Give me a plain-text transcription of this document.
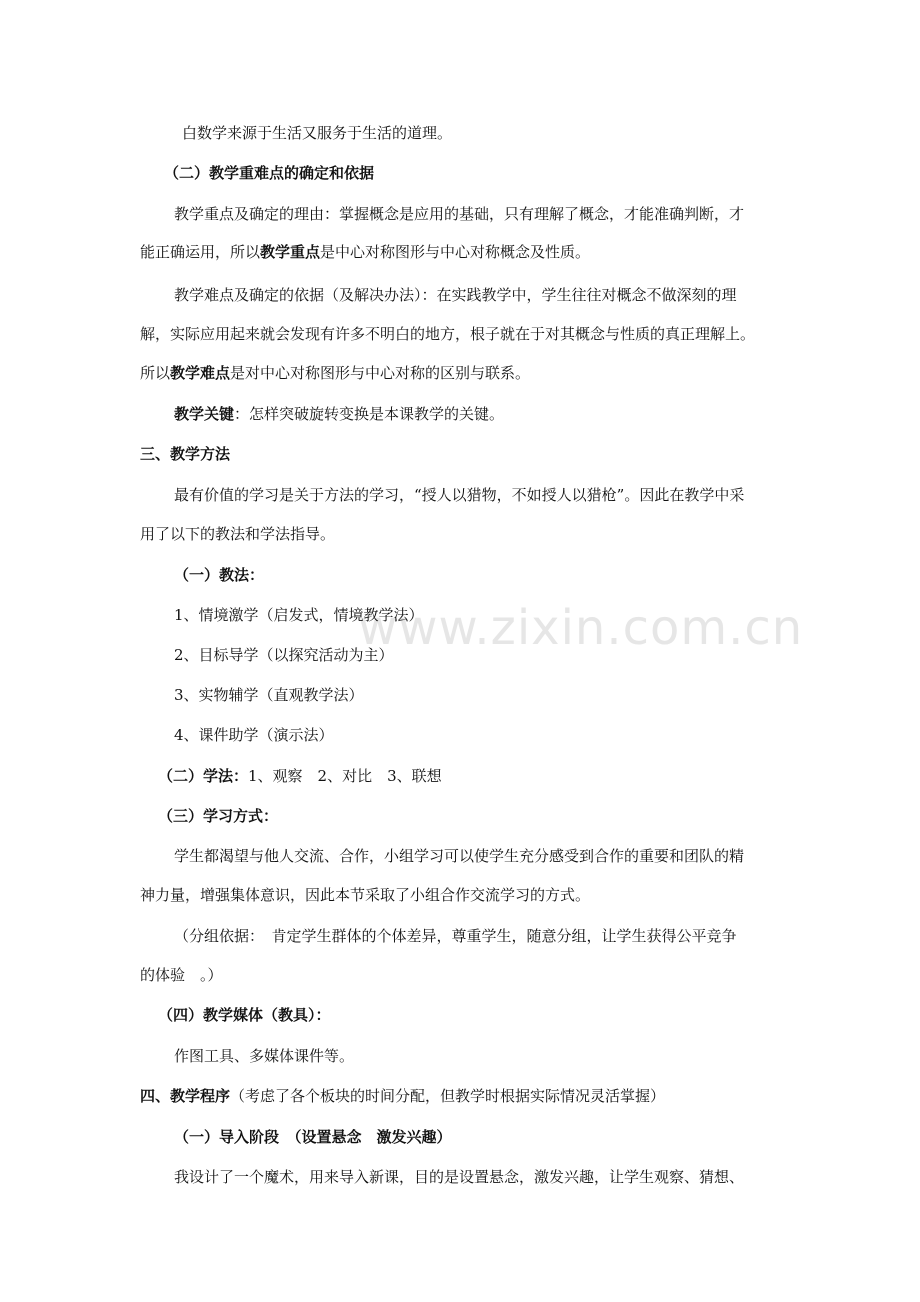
www.zixin.com.cn
白数学来源于生活又服务于生活的道理。
（二）教学重难点的确定和依据
教学重点及确定的理由：掌握概念是应用的基础，只有理解了概念，才能准确判断，才
能正确运用，所以教学重点是中心对称图形与中心对称概念及性质。
教学难点及确定的依据（及解决办法）：在实践教学中，学生往往对概念不做深刻的理
解，实际应用起来就会发现有许多不明白的地方，根子就在于对其概念与性质的真正理解上。
所以教学难点是对中心对称图形与中心对称的区别与联系。
教学关键：怎样突破旋转变换是本课教学的关键。
三、教学方法
最有价值的学习是关于方法的学习，“授人以猎物，不如授人以猎枪”。因此在教学中采
用了以下的教法和学法指导。
（一）教法：
1、情境激学（启发式，情境教学法）
2、目标导学（以探究活动为主）
3、实物辅学（直观教学法）
4、课件助学（演示法）
（二）学法：1、观察　2、对比　3、联想
（三）学习方式：
学生都渴望与他人交流、合作，小组学习可以使学生充分感受到合作的重要和团队的精
神力量，增强集体意识，因此本节采取了小组合作交流学习的方式。
（分组依据：　肯定学生群体的个体差异，尊重学生，随意分组，让学生获得公平竞争
的体验　。）
（四）教学媒体（教具）：
作图工具、多媒体课件等。
四、教学程序（考虑了各个板块的时间分配，但教学时根据实际情况灵活掌握）
（一）导入阶段　（设置悬念　激发兴趣）
我设计了一个魔术，用来导入新课，目的是设置悬念，激发兴趣，让学生观察、猜想、
